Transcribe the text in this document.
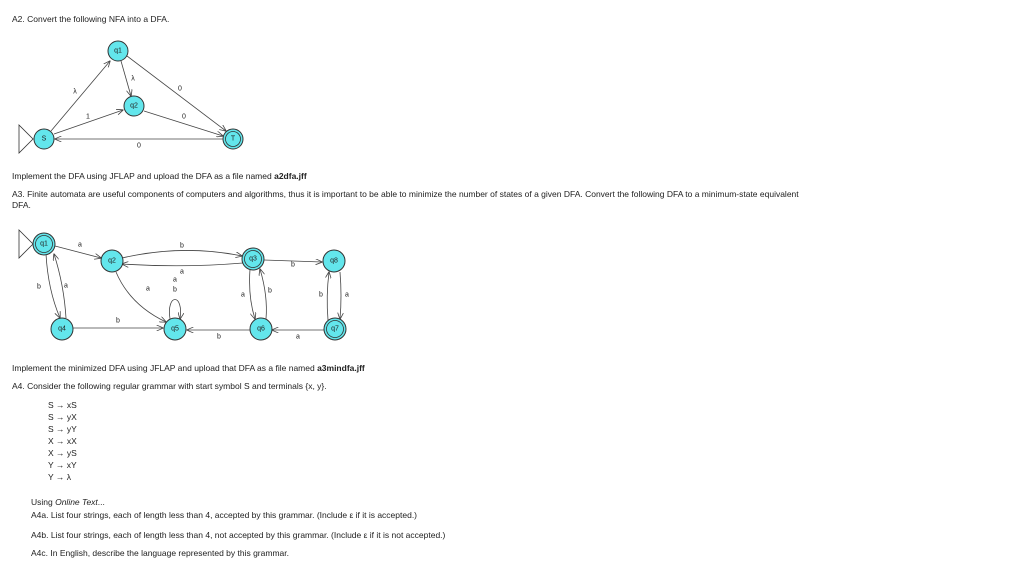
A2. Convert the following NFA into a DFA.
Implement the DFA using JFLAP and upload the DFA as a file named a2dfa.jff
A3. Finite automata are useful components of computers and algorithms, thus it is important to be able to minimize the number of states of a given DFA. Convert the following DFA to a minimum-state equivalent DFA.
Implement the minimized DFA using JFLAP and upload that DFA as a file named a3mindfa.jff
A4. Consider the following regular grammar with start symbol S and terminals {x, y}.
S → xS
S → yX
S → yY
X → xX
X → yS
Y → xY
Y → λ
Using Online Text...
A4a. List four strings, each of length less than 4, accepted by this grammar. (Include ε if it is accepted.)
A4b. List four strings, each of length less than 4, not accepted by this grammar. (Include ε if it is not accepted.)
A4c. In English, describe the language represented by this grammar.
λ
1
λ
0
0
0
S
q1
q2
T
a	b
a
b
b	a
b
a
a
b
b
a
b
a
a
b
q1
q2	q3
q4	q5	q6	q7
q8
